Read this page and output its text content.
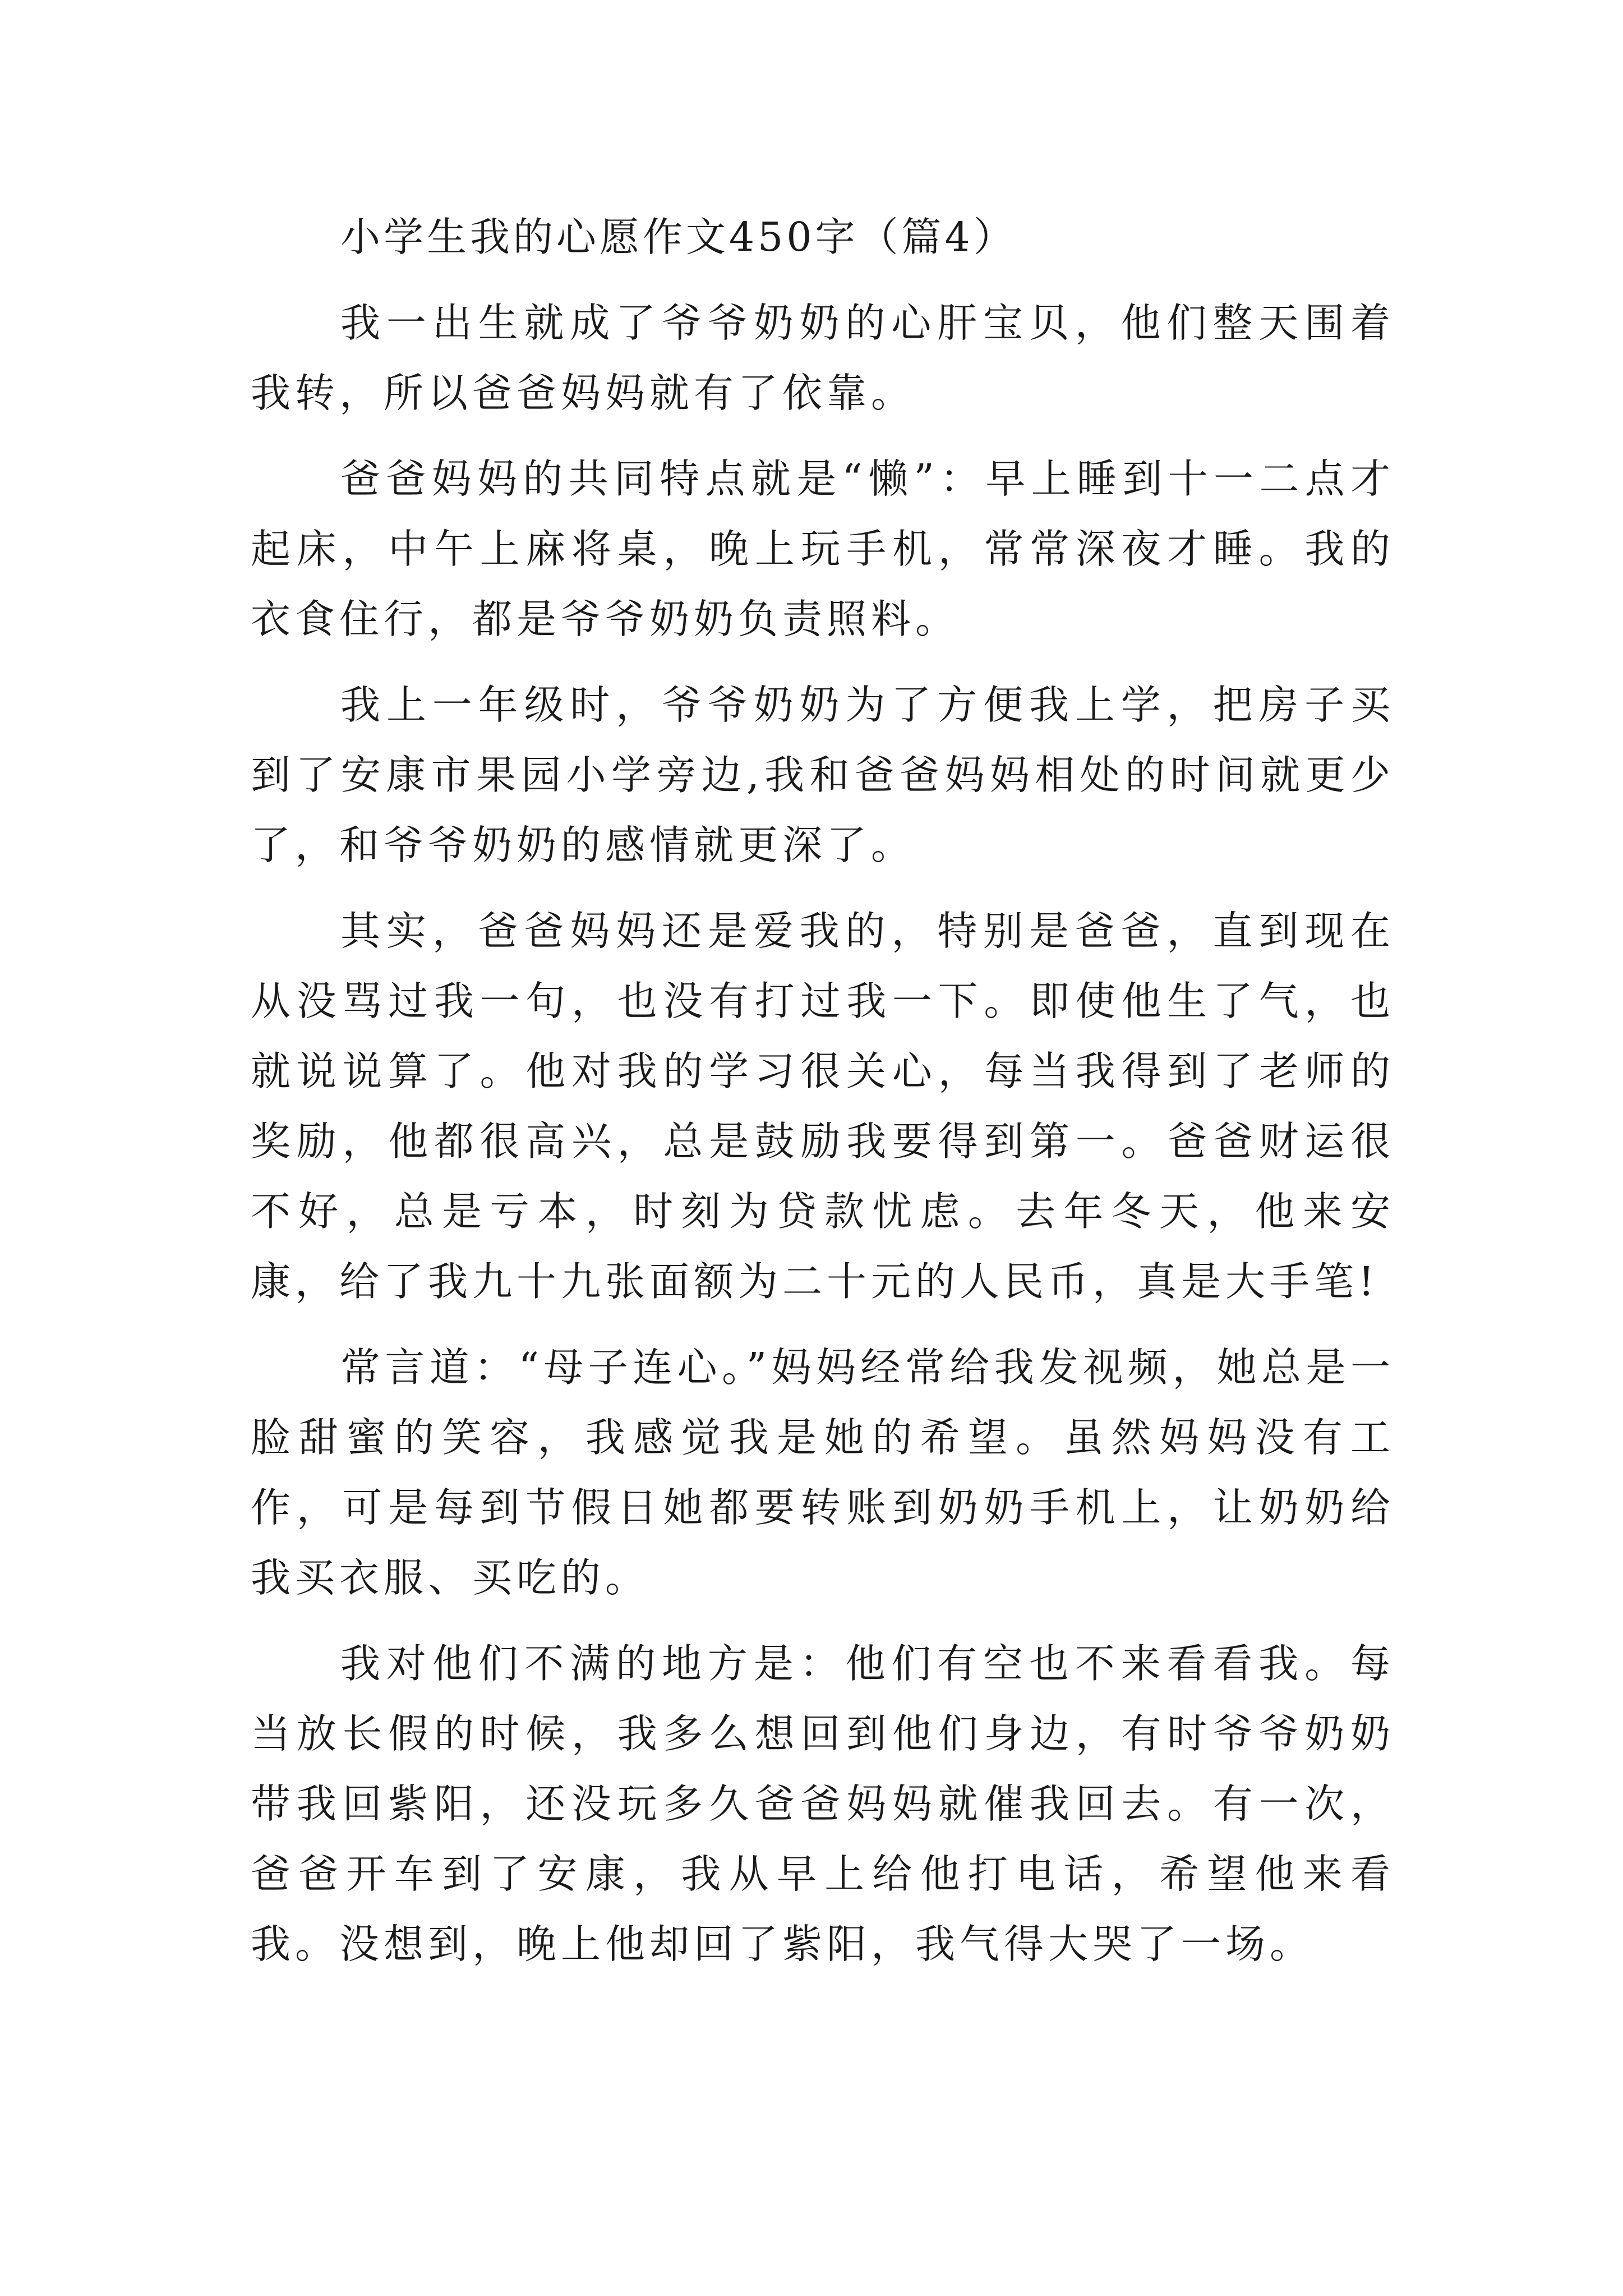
小学生我的心愿作文450字（篇4）

我一出生就成了爷爷奶奶的心肝宝贝，他们整天围着我转，所以爸爸妈妈就有了依靠。

爸爸妈妈的共同特点就是“懒”：早上睡到十一二点才起床，中午上麻将桌，晚上玩手机，常常深夜才睡。我的衣食住行，都是爷爷奶奶负责照料。

我上一年级时，爷爷奶奶为了方便我上学，把房子买到了安康市果园小学旁边,我和爸爸妈妈相处的时间就更少了，和爷爷奶奶的感情就更深了。

其实，爸爸妈妈还是爱我的，特别是爸爸，直到现在从没骂过我一句，也没有打过我一下。即使他生了气，也就说说算了。他对我的学习很关心，每当我得到了老师的奖励，他都很高兴，总是鼓励我要得到第一。爸爸财运很不好，总是亏本，时刻为贷款忧虑。去年冬天，他来安康，给了我九十九张面额为二十元的人民币，真是大手笔!

常言道：“母子连心。”妈妈经常给我发视频，她总是一脸甜蜜的笑容，我感觉我是她的希望。虽然妈妈没有工作，可是每到节假日她都要转账到奶奶手机上，让奶奶给我买衣服、买吃的。

我对他们不满的地方是：他们有空也不来看看我。每当放长假的时候，我多么想回到他们身边，有时爷爷奶奶带我回紫阳，还没玩多久爸爸妈妈就催我回去。有一次，爸爸开车到了安康，我从早上给他打电话，希望他来看我。没想到，晚上他却回了紫阳，我气得大哭了一场。
